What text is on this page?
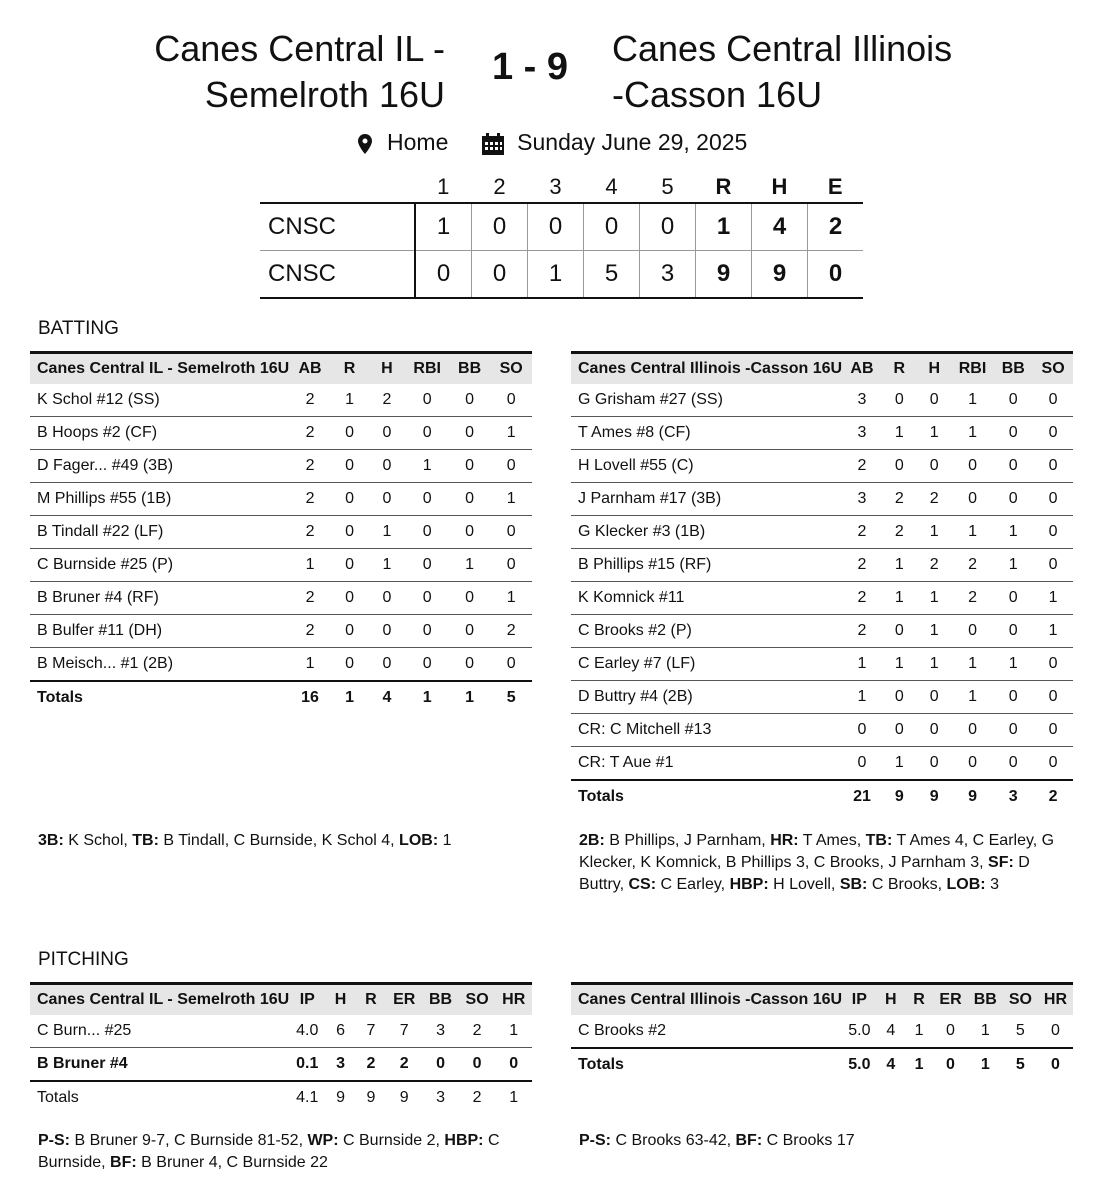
Canes Central IL -
Semelroth 16U
1 - 9	Canes Central Illinois
-Casson 16U
Home	Sunday June 29, 2025
	1	2	3	4	5	R	H	E
CNSC	1	0	0	0	0	1	4	2
CNSC	0	0	1	5	3	9	9	0
BATTING
Canes Central IL - Semelroth 16U	AB	R	H	RBI	BB	SO
K Schol #12 (SS)	2	1	2	0	0	0
B Hoops #2 (CF)	2	0	0	0	0	1
D Fager... #49 (3B)	2	0	0	1	0	0
M Phillips #55 (1B)	2	0	0	0	0	1
B Tindall #22 (LF)	2	0	1	0	0	0
C Burnside #25 (P)	1	0	1	0	1	0
B Bruner #4 (RF)	2	0	0	0	0	1
B Bulfer #11 (DH)	2	0	0	0	0	2
B Meisch... #1 (2B)	1	0	0	0	0	0
Totals	16	1	4	1	1	5
Canes Central Illinois -Casson 16U	AB	R	H	RBI	BB	SO
G Grisham #27 (SS)	3	0	0	1	0	0
T Ames #8 (CF)	3	1	1	1	0	0
H Lovell #55 (C)	2	0	0	0	0	0
J Parnham #17 (3B)	3	2	2	0	0	0
G Klecker #3 (1B)	2	2	1	1	1	0
B Phillips #15 (RF)	2	1	2	2	1	0
K Komnick #11	2	1	1	2	0	1
C Brooks #2 (P)	2	0	1	0	0	1
C Earley #7 (LF)	1	1	1	1	1	0
D Buttry #4 (2B)	1	0	0	1	0	0
CR: C Mitchell #13	0	0	0	0	0	0
CR: T Aue #1	0	1	0	0	0	0
Totals	21	9	9	9	3	2
3B: K Schol, TB: B Tindall, C Burnside, K Schol 4, LOB: 1	2B: B Phillips, J Parnham, HR: T Ames, TB: T Ames 4, C Earley, G Klecker, K Komnick, B Phillips 3, C Brooks, J Parnham 3, SF: D Buttry, CS: C Earley, HBP: H Lovell, SB: C Brooks, LOB: 3
PITCHING
Canes Central IL - Semelroth 16U	IP	H	R	ER	BB	SO	HR
C Burn... #25	4.0	6	7	7	3	2	1
B Bruner #4	0.1	3	2	2	0	0	0
Totals	4.1	9	9	9	3	2	1
Canes Central Illinois -Casson 16U	IP	H	R	ER	BB	SO	HR
C Brooks #2	5.0	4	1	0	1	5	0
Totals	5.0	4	1	0	1	5	0
P-S: B Bruner 9-7, C Burnside 81-52, WP: C Burnside 2, HBP: C Burnside, BF: B Bruner 4, C Burnside 22
P-S: C Brooks 63-42, BF: C Brooks 17
